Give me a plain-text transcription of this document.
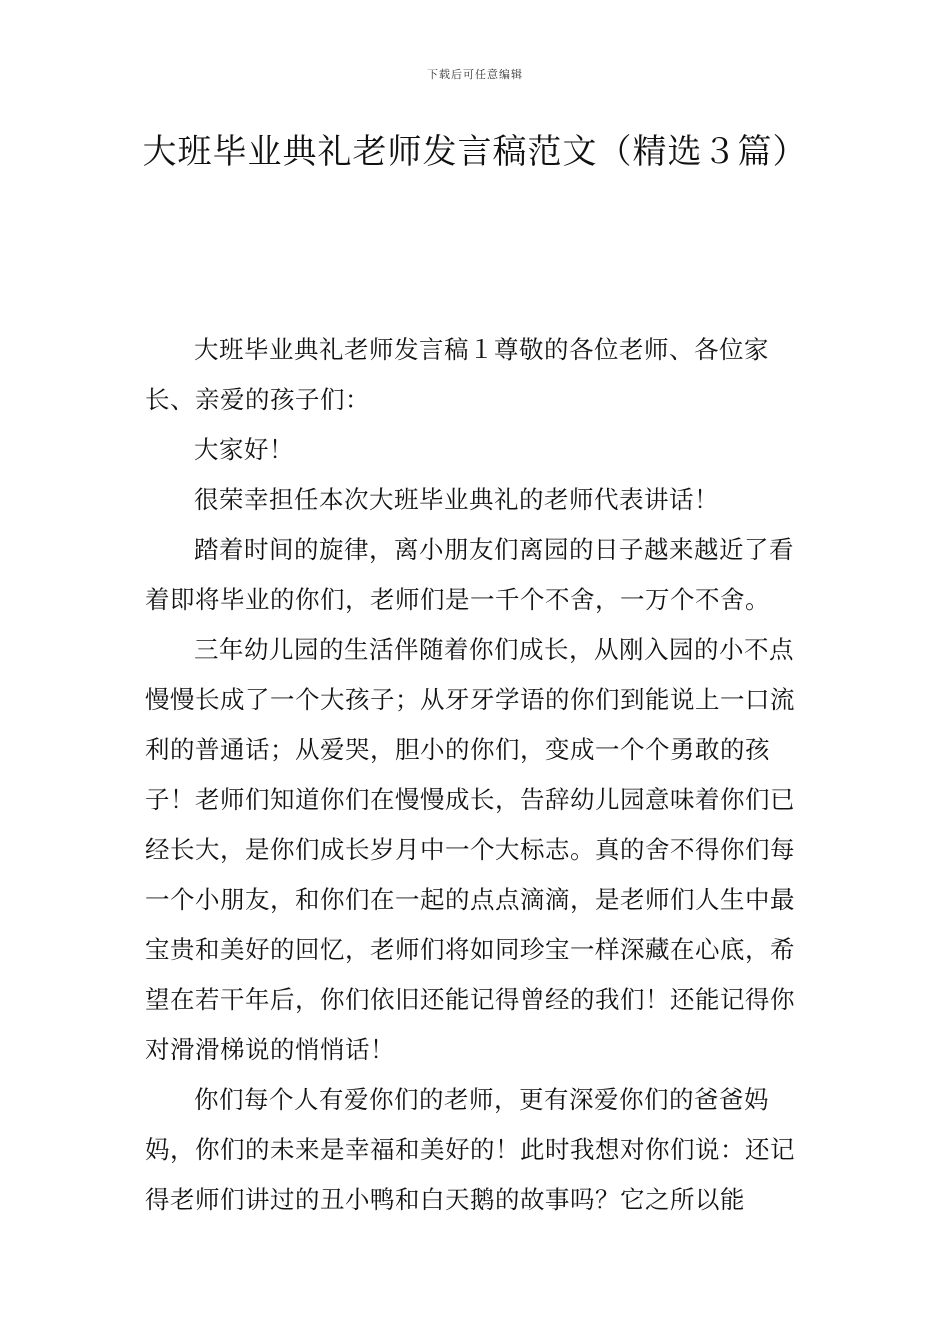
下载后可任意编辑
大班毕业典礼老师发言稿范文（精选３篇）

大班毕业典礼老师发言稿１尊敬的各位老师、各位家长、亲爱的孩子们：

大家好！

很荣幸担任本次大班毕业典礼的老师代表讲话！

踏着时间的旋律，离小朋友们离园的日子越来越近了看着即将毕业的你们，老师们是一千个不舍，一万个不舍。

三年幼儿园的生活伴随着你们成长，从刚入园的小不点慢慢长成了一个大孩子；从牙牙学语的你们到能说上一口流利的普通话；从爱哭，胆小的你们，变成一个个勇敢的孩子！老师们知道你们在慢慢成长，告辞幼儿园意味着你们已经长大，是你们成长岁月中一个大标志。真的舍不得你们每一个小朋友，和你们在一起的点点滴滴，是老师们人生中最宝贵和美好的回忆，老师们将如同珍宝一样深藏在心底，希望在若干年后，你们依旧还能记得曾经的我们！还能记得你对滑滑梯说的悄悄话！

你们每个人有爱你们的老师，更有深爱你们的爸爸妈妈，你们的未来是幸福和美好的！此时我想对你们说：还记得老师们讲过的丑小鸭和白天鹅的故事吗？它之所以能
